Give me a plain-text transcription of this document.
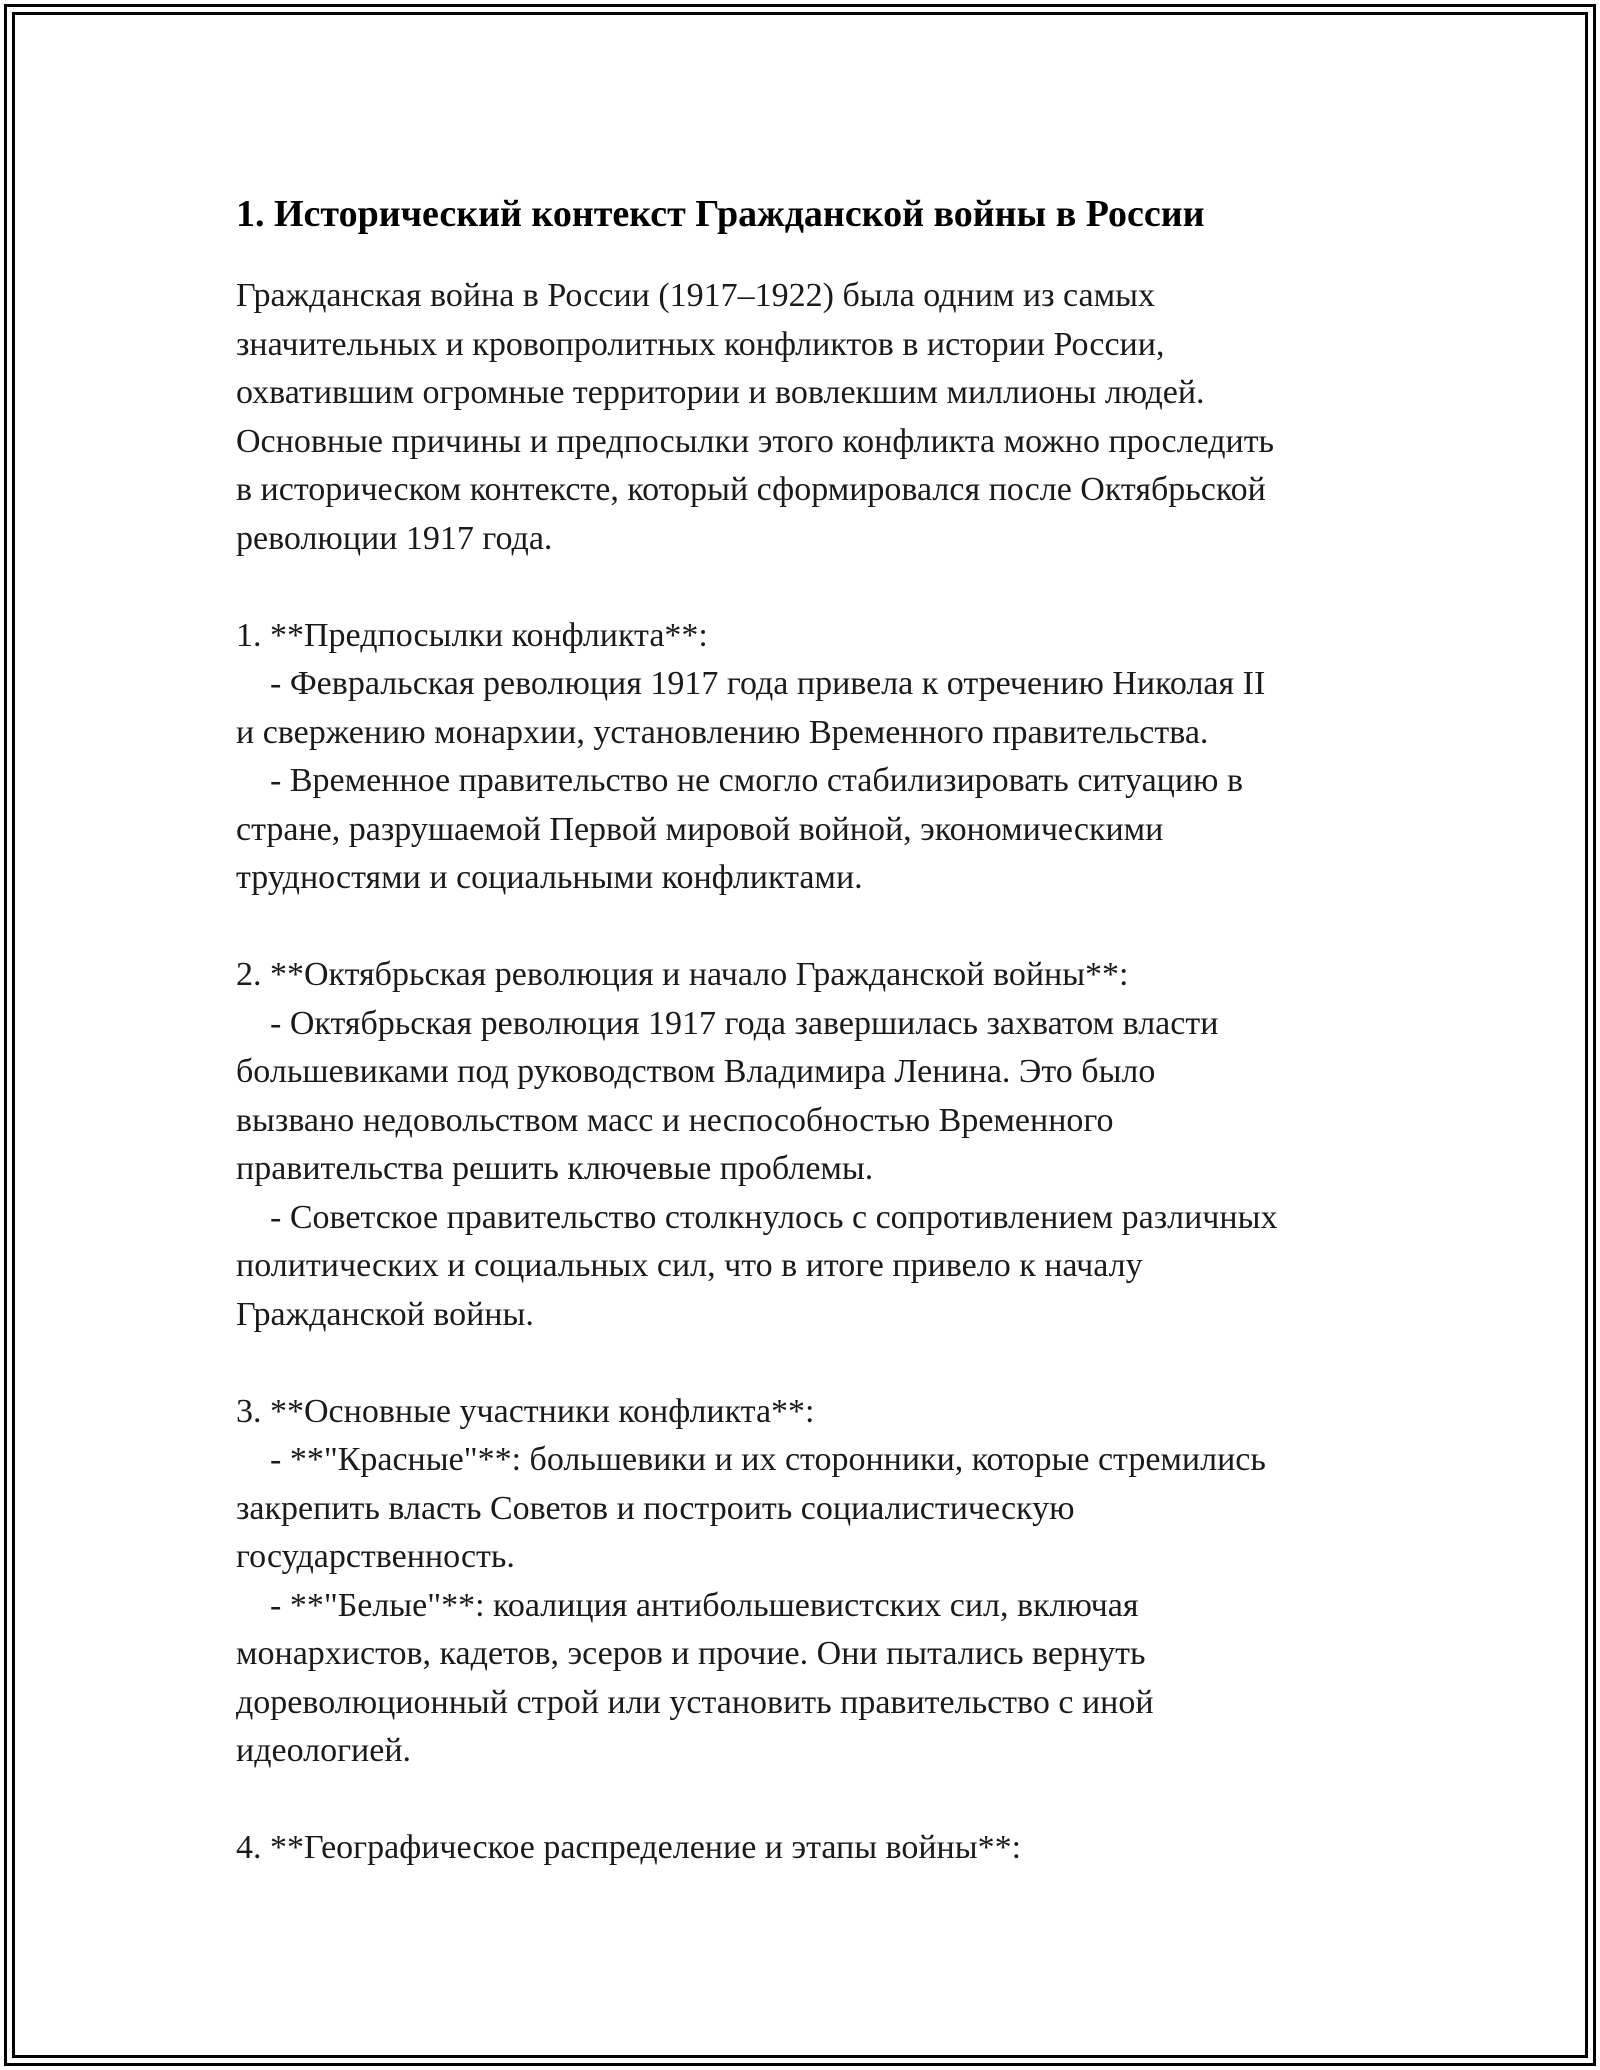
1. Исторический контекст Гражданской войны в России

Гражданская война в России (1917–1922) была одним из самых
значительных и кровопролитных конфликтов в истории России,
охватившим огромные территории и вовлекшим миллионы людей.
Основные причины и предпосылки этого конфликта можно проследить
в историческом контексте, который сформировался после Октябрьской
революции 1917 года.

1. **Предпосылки конфликта**:

- Февральская революция 1917 года привела к отречению Николая II
и свержению монархии, установлению Временного правительства.
- Временное правительство не смогло стабилизировать ситуацию в
стране, разрушаемой Первой мировой войной, экономическими
трудностями и социальными конфликтами.

2. **Октябрьская революция и начало Гражданской войны**:

- Октябрьская революция 1917 года завершилась захватом власти
большевиками под руководством Владимира Ленина. Это было
вызвано недовольством масс и неспособностью Временного
правительства решить ключевые проблемы.
- Советское правительство столкнулось с сопротивлением различных
политических и социальных сил, что в итоге привело к началу
Гражданской войны.

3. **Основные участники конфликта**:

- **"Красные"**: большевики и их сторонники, которые стремились
закрепить власть Советов и построить социалистическую
государственность.
- **"Белые"**: коалиция антибольшевистских сил, включая
монархистов, кадетов, эсеров и прочие. Они пытались вернуть
дореволюционный строй или установить правительство с иной
идеологией.

4. **Географическое распределение и этапы войны**:
